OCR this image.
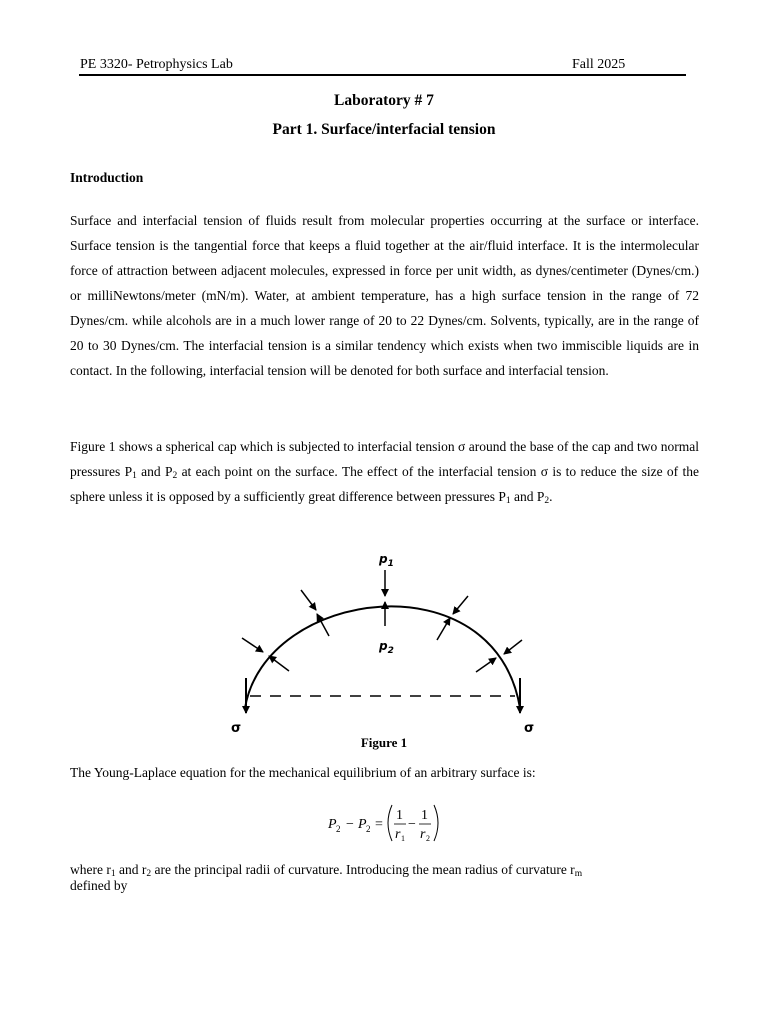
PE 3320- Petrophysics Lab	Fall 2025
Laboratory # 7
Part 1. Surface/interfacial tension
Introduction
Surface and interfacial tension of fluids result from molecular properties occurring at the surface or interface. Surface tension is the tangential force that keeps a fluid together at the air/fluid interface. It is the intermolecular force of attraction between adjacent molecules, expressed in force per unit width, as dynes/centimeter (Dynes/cm.) or milliNewtons/meter (mN/m). Water, at ambient temperature, has a high surface tension in the range of 72 Dynes/cm. while alcohols are in a much lower range of 20 to 22 Dynes/cm. Solvents, typically, are in the range of 20 to 30 Dynes/cm. The interfacial tension is a similar tendency which exists when two immiscible liquids are in contact. In the following, interfacial tension will be denoted for both surface and interfacial tension.
Figure 1 shows a spherical cap which is subjected to interfacial tension σ around the base of the cap and two normal pressures $P_1$ and $P_2$ at each point on the surface. The effect of the interfacial tension σ is to reduce the size of the sphere unless it is opposed by a sufficiently great difference between pressures $P_1$ and $P_2$.
$p_1$
$p_2$
σ	σ
Figure 1
The Young-Laplace equation for the mechanical equilibrium of an arbitrary surface is:
P 2 − P 2 =
1
r 1
−
1
r 2
where $r_1$ and $r_2$ are the principal radii of curvature. Introducing the mean radius of curvature $r_m$
defined by
